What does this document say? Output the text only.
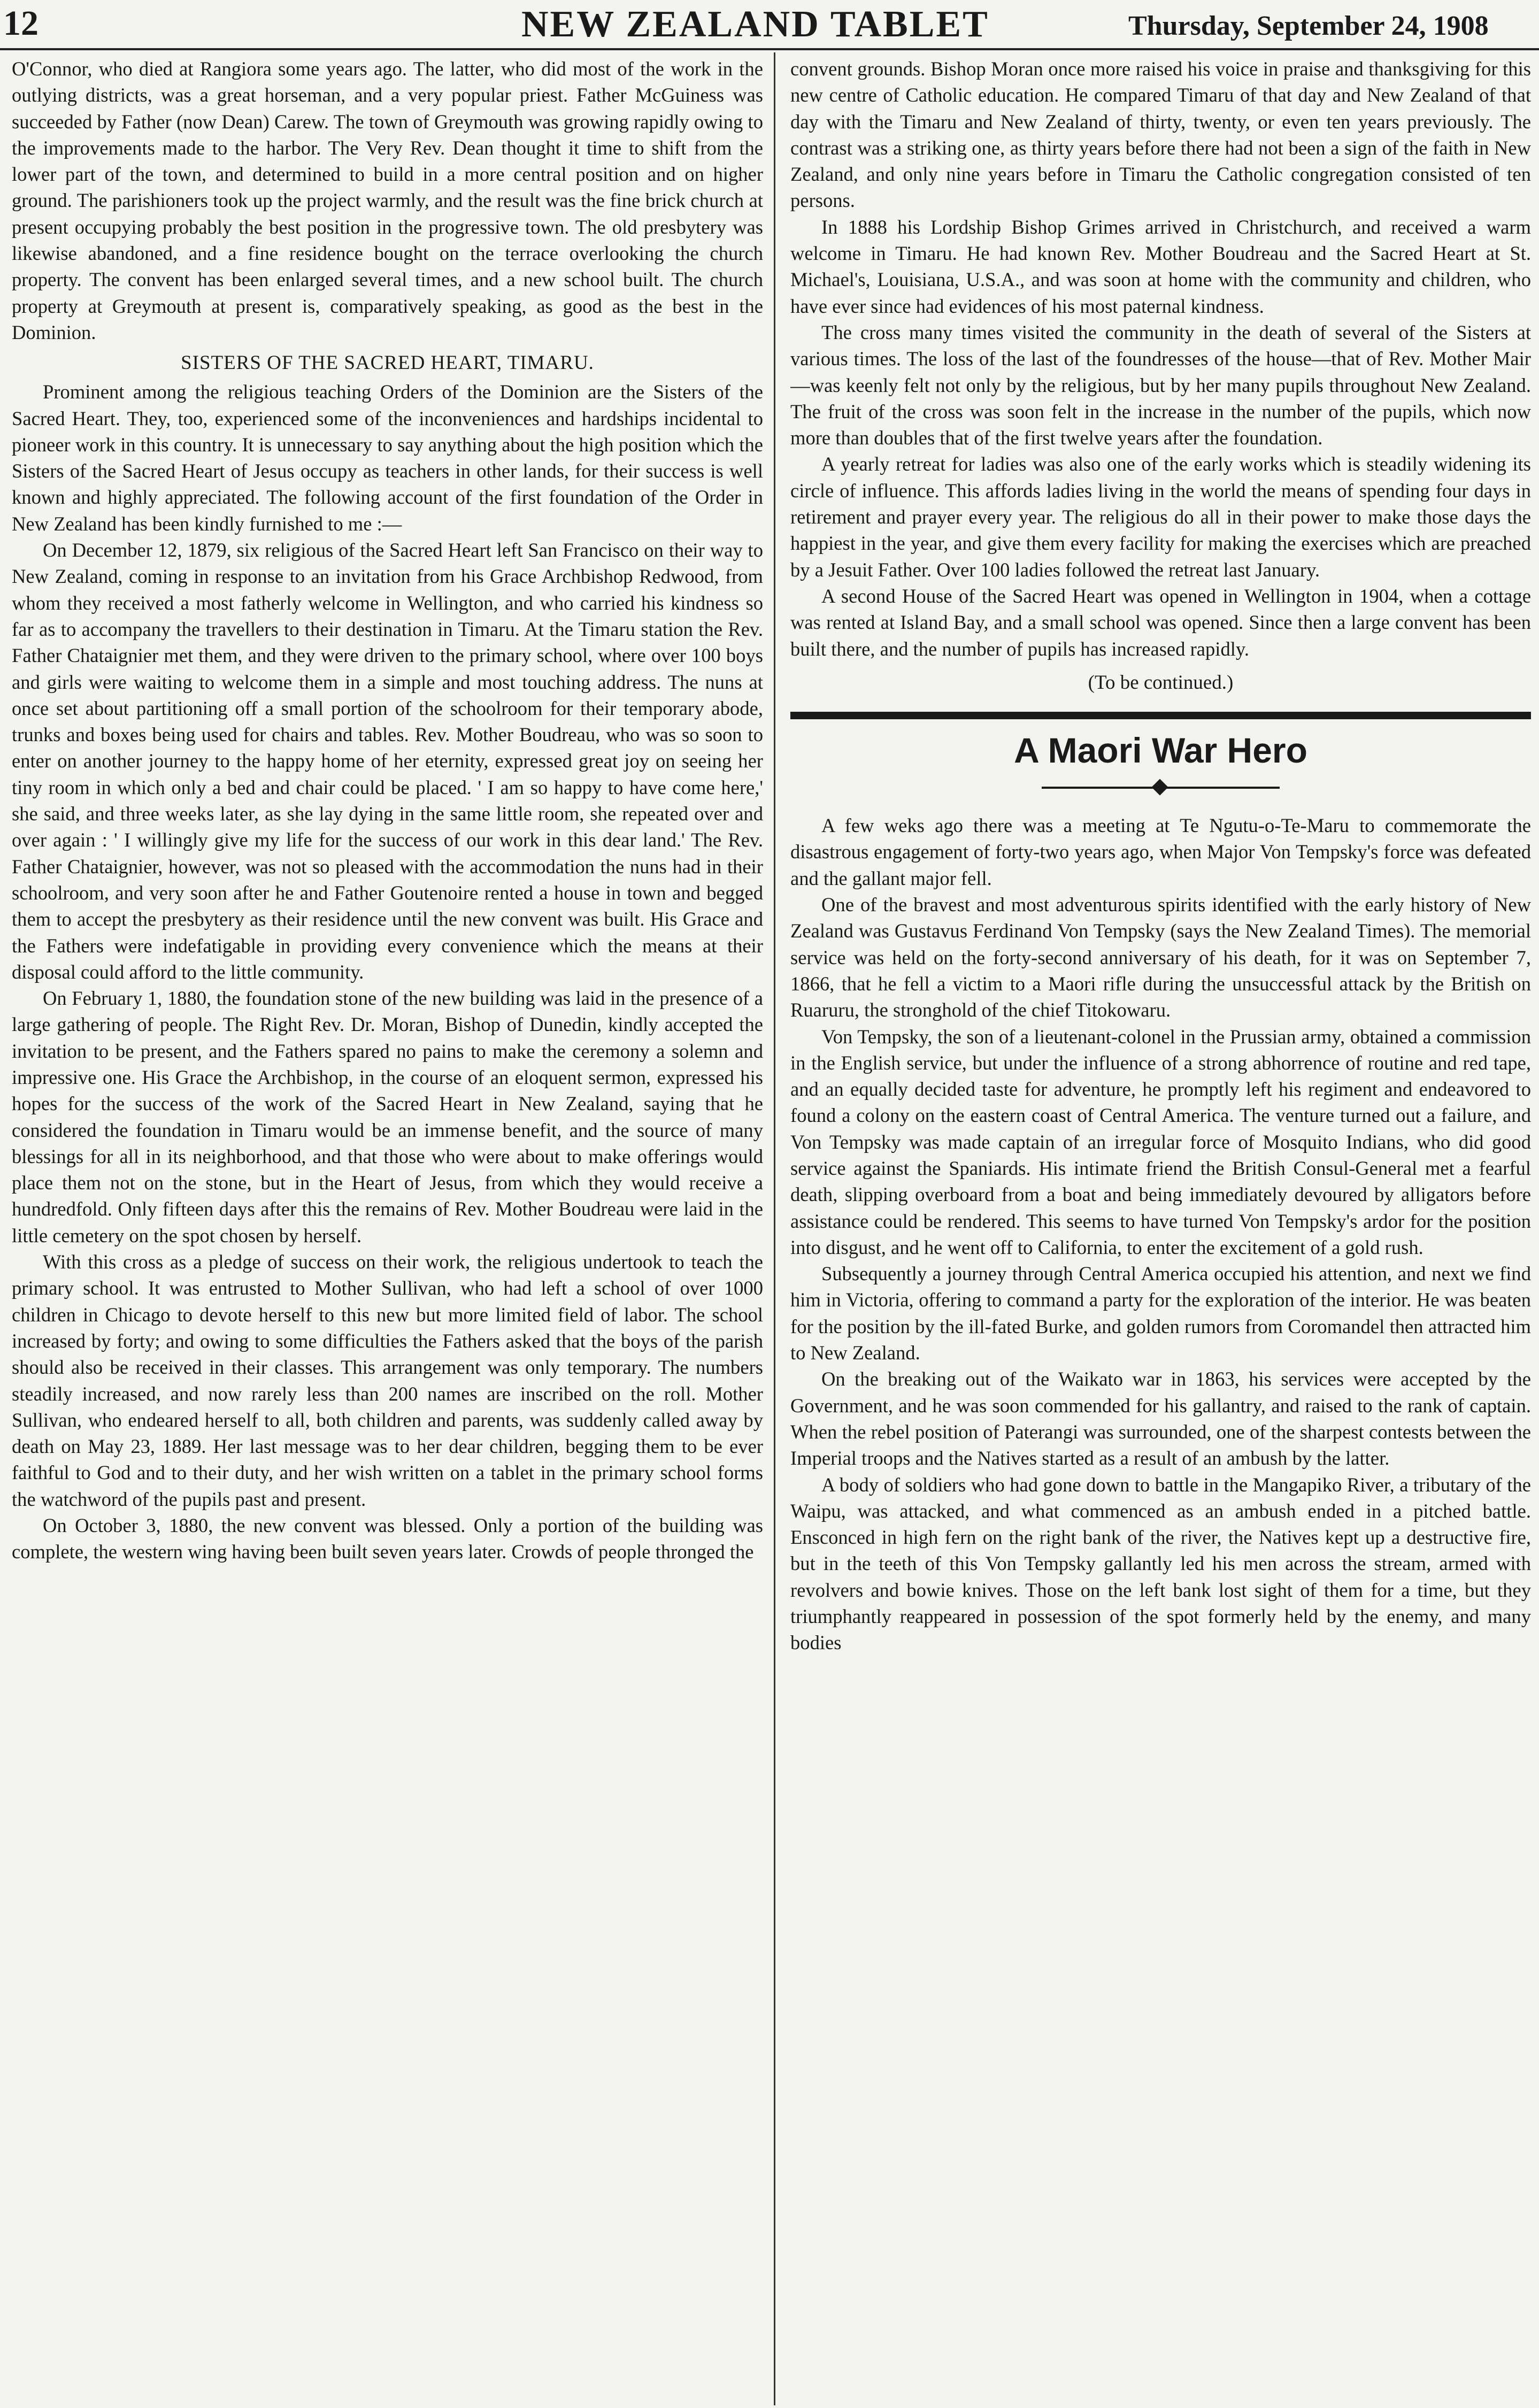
12	NEW ZEALAND TABLET	Thursday, September 24, 1908

O'Connor, who died at Rangiora some years ago. The latter, who did most of the work in the outlying districts, was a great horseman, and a very popular priest. Father McGuiness was succeeded by Father (now Dean) Carew. The town of Greymouth was growing rapidly owing to the improvements made to the harbor. The Very Rev. Dean thought it time to shift from the lower part of the town, and determined to build in a more central position and on higher ground. The parishioners took up the project warmly, and the result was the fine brick church at present occupying probably the best position in the progressive town. The old presbytery was likewise abandoned, and a fine residence bought on the terrace overlooking the church property. The convent has been enlarged several times, and a new school built. The church property at Greymouth at present is, comparatively speaking, as good as the best in the Dominion.

SISTERS OF THE SACRED HEART, TIMARU.

Prominent among the religious teaching Orders of the Dominion are the Sisters of the Sacred Heart. They, too, experienced some of the inconveniences and hardships incidental to pioneer work in this country. It is unnecessary to say anything about the high position which the Sisters of the Sacred Heart of Jesus occupy as teachers in other lands, for their success is well known and highly appreciated. The following account of the first foundation of the Order in New Zealand has been kindly furnished to me :—

On December 12, 1879, six religious of the Sacred Heart left San Francisco on their way to New Zealand, coming in response to an invitation from his Grace Archbishop Redwood, from whom they received a most fatherly welcome in Wellington, and who carried his kindness so far as to accompany the travellers to their destination in Timaru. At the Timaru station the Rev. Father Chataignier met them, and they were driven to the primary school, where over 100 boys and girls were waiting to welcome them in a simple and most touching address. The nuns at once set about partitioning off a small portion of the schoolroom for their temporary abode, trunks and boxes being used for chairs and tables. Rev. Mother Boudreau, who was so soon to enter on another journey to the happy home of her eternity, expressed great joy on seeing her tiny room in which only a bed and chair could be placed. ' I am so happy to have come here,' she said, and three weeks later, as she lay dying in the same little room, she repeated over and over again : ' I willingly give my life for the success of our work in this dear land.' The Rev. Father Chataignier, however, was not so pleased with the accommodation the nuns had in their schoolroom, and very soon after he and Father Goutenoire rented a house in town and begged them to accept the presbytery as their residence until the new convent was built. His Grace and the Fathers were indefatigable in providing every convenience which the means at their disposal could afford to the little community.

On February 1, 1880, the foundation stone of the new building was laid in the presence of a large gathering of people. The Right Rev. Dr. Moran, Bishop of Dunedin, kindly accepted the invitation to be present, and the Fathers spared no pains to make the ceremony a solemn and impressive one. His Grace the Archbishop, in the course of an eloquent sermon, expressed his hopes for the success of the work of the Sacred Heart in New Zealand, saying that he considered the foundation in Timaru would be an immense benefit, and the source of many blessings for all in its neighborhood, and that those who were about to make offerings would place them not on the stone, but in the Heart of Jesus, from which they would receive a hundredfold. Only fifteen days after this the remains of Rev. Mother Boudreau were laid in the little cemetery on the spot chosen by herself.

With this cross as a pledge of success on their work, the religious undertook to teach the primary school. It was entrusted to Mother Sullivan, who had left a school of over 1000 children in Chicago to devote herself to this new but more limited field of labor. The school increased by forty; and owing to some difficulties the Fathers asked that the boys of the parish should also be received in their classes. This arrangement was only temporary. The numbers steadily increased, and now rarely less than 200 names are inscribed on the roll. Mother Sullivan, who endeared herself to all, both children and parents, was suddenly called away by death on May 23, 1889. Her last message was to her dear children, begging them to be ever faithful to God and to their duty, and her wish written on a tablet in the primary school forms the watchword of the pupils past and present.

On October 3, 1880, the new convent was blessed. Only a portion of the building was complete, the western wing having been built seven years later. Crowds of people thronged the

convent grounds. Bishop Moran once more raised his voice in praise and thanksgiving for this new centre of Catholic education. He compared Timaru of that day and New Zealand of that day with the Timaru and New Zealand of thirty, twenty, or even ten years previously. The contrast was a striking one, as thirty years before there had not been a sign of the faith in New Zealand, and only nine years before in Timaru the Catholic congregation consisted of ten persons.

In 1888 his Lordship Bishop Grimes arrived in Christchurch, and received a warm welcome in Timaru. He had known Rev. Mother Boudreau and the Sacred Heart at St. Michael's, Louisiana, U.S.A., and was soon at home with the community and children, who have ever since had evidences of his most paternal kindness.

The cross many times visited the community in the death of several of the Sisters at various times. The loss of the last of the foundresses of the house—that of Rev. Mother Mair—was keenly felt not only by the religious, but by her many pupils throughout New Zealand. The fruit of the cross was soon felt in the increase in the number of the pupils, which now more than doubles that of the first twelve years after the foundation.

A yearly retreat for ladies was also one of the early works which is steadily widening its circle of influence. This affords ladies living in the world the means of spending four days in retirement and prayer every year. The religious do all in their power to make those days the happiest in the year, and give them every facility for making the exercises which are preached by a Jesuit Father. Over 100 ladies followed the retreat last January.

A second House of the Sacred Heart was opened in Wellington in 1904, when a cottage was rented at Island Bay, and a small school was opened. Since then a large convent has been built there, and the number of pupils has increased rapidly.

(To be continued.)
A Maori War Hero

A few weks ago there was a meeting at Te Ngutu-o-Te-Maru to commemorate the disastrous engagement of forty-two years ago, when Major Von Tempsky's force was defeated and the gallant major fell.

One of the bravest and most adventurous spirits identified with the early history of New Zealand was Gustavus Ferdinand Von Tempsky (says the New Zealand Times). The memorial service was held on the forty-second anniversary of his death, for it was on September 7, 1866, that he fell a victim to a Maori rifle during the unsuccessful attack by the British on Ruaruru, the stronghold of the chief Titokowaru.

Von Tempsky, the son of a lieutenant-colonel in the Prussian army, obtained a commission in the English service, but under the influence of a strong abhorrence of routine and red tape, and an equally decided taste for adventure, he promptly left his regiment and endeavored to found a colony on the eastern coast of Central America. The venture turned out a failure, and Von Tempsky was made captain of an irregular force of Mosquito Indians, who did good service against the Spaniards. His intimate friend the British Consul-General met a fearful death, slipping overboard from a boat and being immediately devoured by alligators before assistance could be rendered. This seems to have turned Von Tempsky's ardor for the position into disgust, and he went off to California, to enter the excitement of a gold rush.

Subsequently a journey through Central America occupied his attention, and next we find him in Victoria, offering to command a party for the exploration of the interior. He was beaten for the position by the ill-fated Burke, and golden rumors from Coromandel then attracted him to New Zealand.

On the breaking out of the Waikato war in 1863, his services were accepted by the Government, and he was soon commended for his gallantry, and raised to the rank of captain. When the rebel position of Paterangi was surrounded, one of the sharpest contests between the Imperial troops and the Natives started as a result of an ambush by the latter.

A body of soldiers who had gone down to battle in the Mangapiko River, a tributary of the Waipu, was attacked, and what commenced as an ambush ended in a pitched battle. Ensconced in high fern on the right bank of the river, the Natives kept up a destructive fire, but in the teeth of this Von Tempsky gallantly led his men across the stream, armed with revolvers and bowie knives. Those on the left bank lost sight of them for a time, but they triumphantly reappeared in possession of the spot formerly held by the enemy, and many bodies
